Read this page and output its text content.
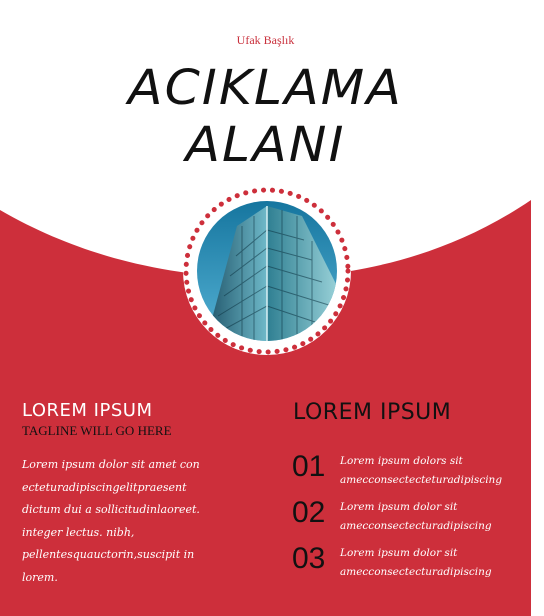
Ufak Başlık
ACIKLAMA
ALANI
LOREM IPSUM
TAGLINE WILL GO HERE
Lorem ipsum dolor sit amet con
ecteturadipiscingelitpraesent
dictum dui a sollicitudinlaoreet.
integer lectus. nibh,
pellentesquauctorin,suscipit in
lorem.
LOREM IPSUM
01 Lorem ipsum dolors sit
amecconsectecteturadipiscing
02 Lorem ipsum dolor sit
amecconsectecturadipiscing
03 Lorem ipsum dolor sit
amecconsectecturadipiscing
